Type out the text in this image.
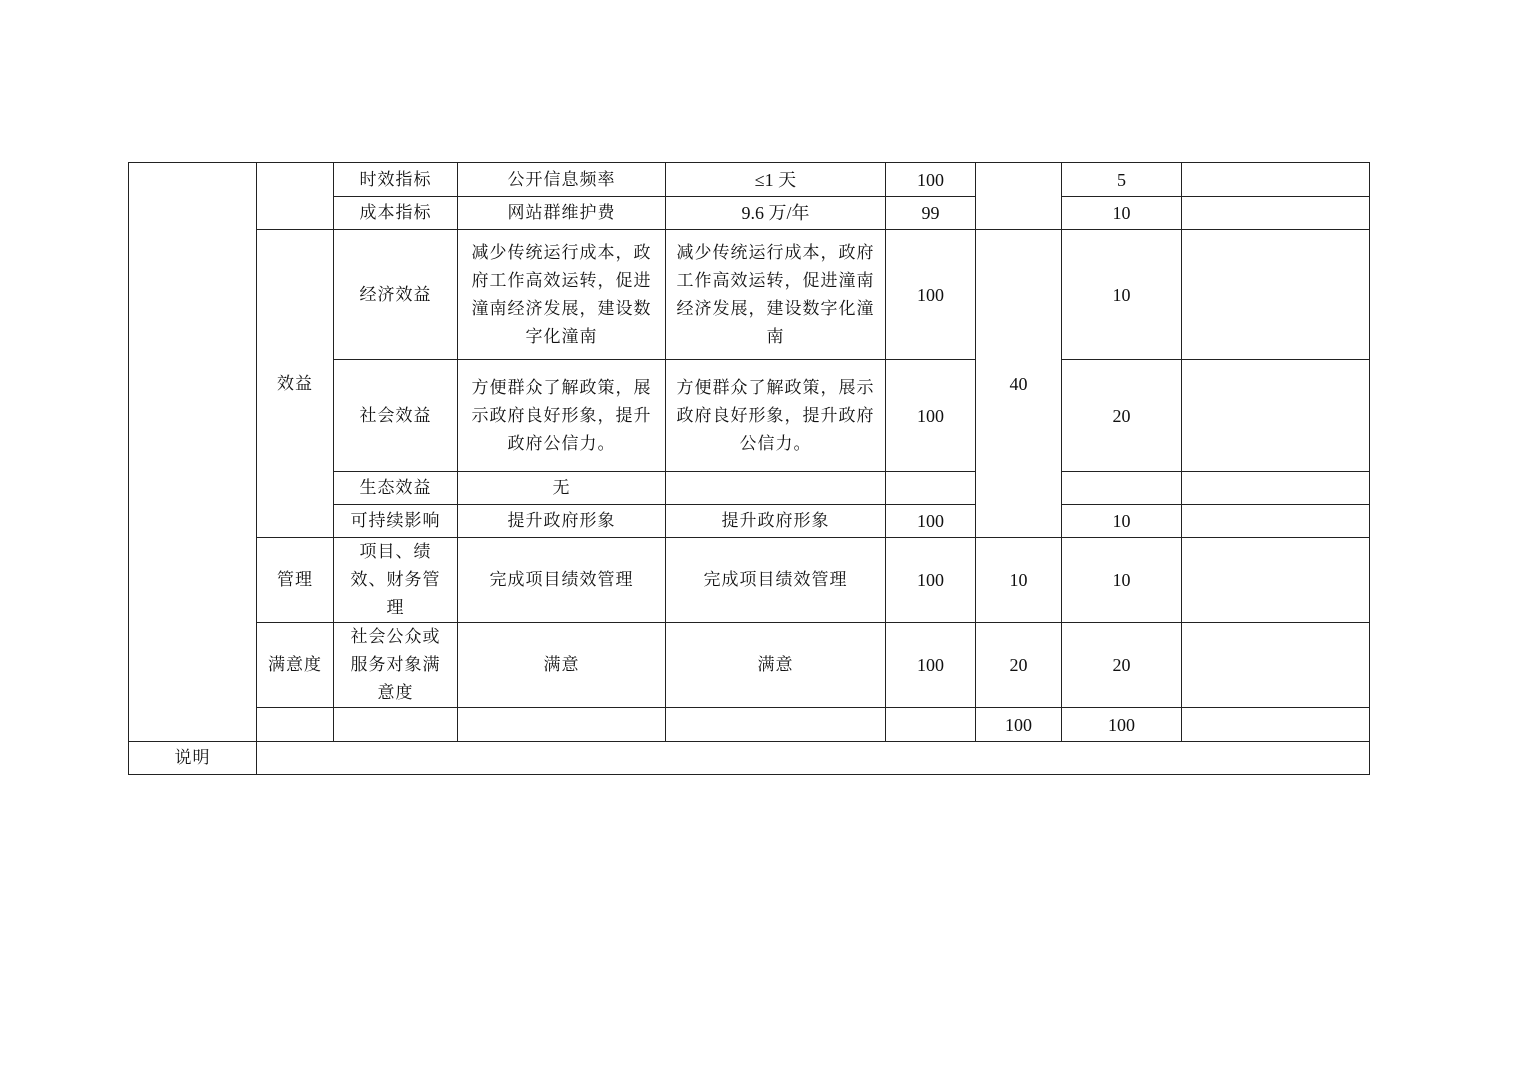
		时效指标	公开信息频率	≤1 天	100		5	
		成本指标	网站群维护费	9.6 万/年	99		10	
	效益	经济效益	减少传统运行成本，政府工作高效运转，促进潼南经济发展，建设数字化潼南	减少传统运行成本，政府工作高效运转，促进潼南经济发展，建设数字化潼南	100	40	10	
		社会效益	方便群众了解政策，展示政府良好形象，提升政府公信力。	方便群众了解政策，展示政府良好形象，提升政府公信力。	100		20	
		生态效益	无					
		可持续影响	提升政府形象	提升政府形象	100		10	
	管理	项目、绩效、财务管理	完成项目绩效管理	完成项目绩效管理	100	10	10	
	满意度	社会公众或服务对象满意度	满意	满意	100	20	20	
						100	100	
说明								
